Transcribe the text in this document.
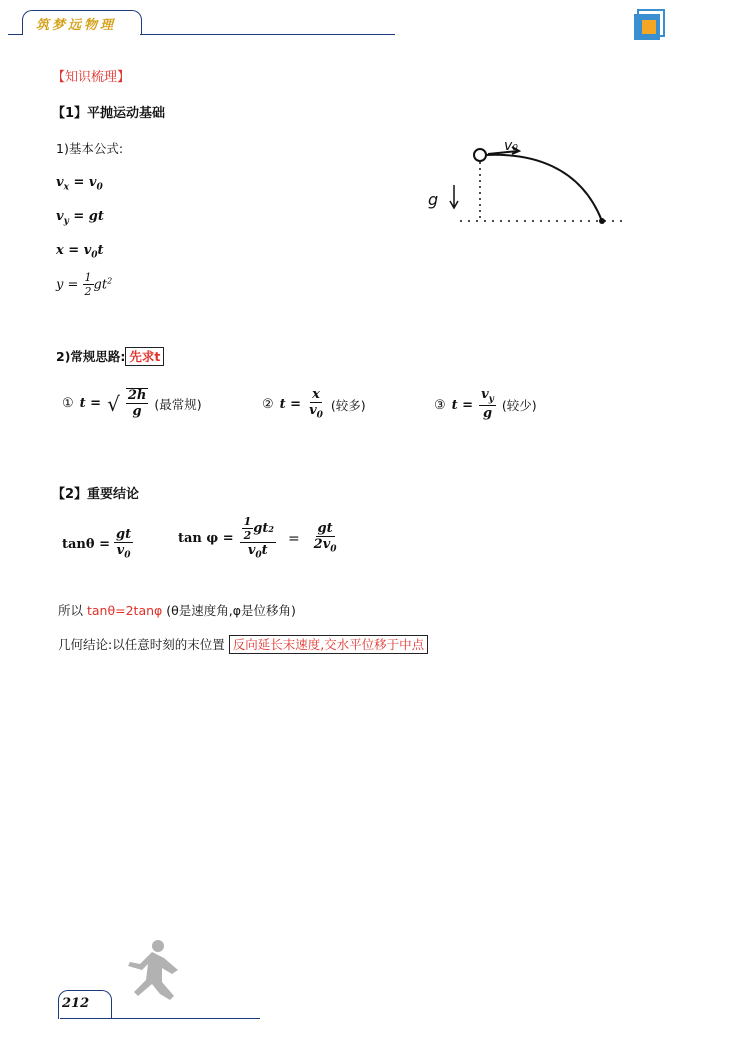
筑梦远物理
【知识梳理】
【1】平抛运动基础
1)基本公式:
$v_x = v_0$
$v_y$ = gt
$x = v_0t$
$y = \frac{1}{2} gt^2$
v₀
g
2)常规思路: 先求t
① t = √ $\frac{2h}{g}$ (最常规)	② $t = \frac{x}{v_0}$ (较多)	③ $t = \frac{v_y}{g}$ (较少)
【2】重要结论
$\tan\theta = \frac{gt}{v_0}$	$\tan \varphi = \frac{\frac{1}{2} gt 2}{v_0t} = \frac{gt}{2v_0}$
所以 tanθ=2tanφ (θ是速度角,φ是位移角)
几何结论:以任意时刻的末位置 反向延长末速度,交水平位移于中点
212
